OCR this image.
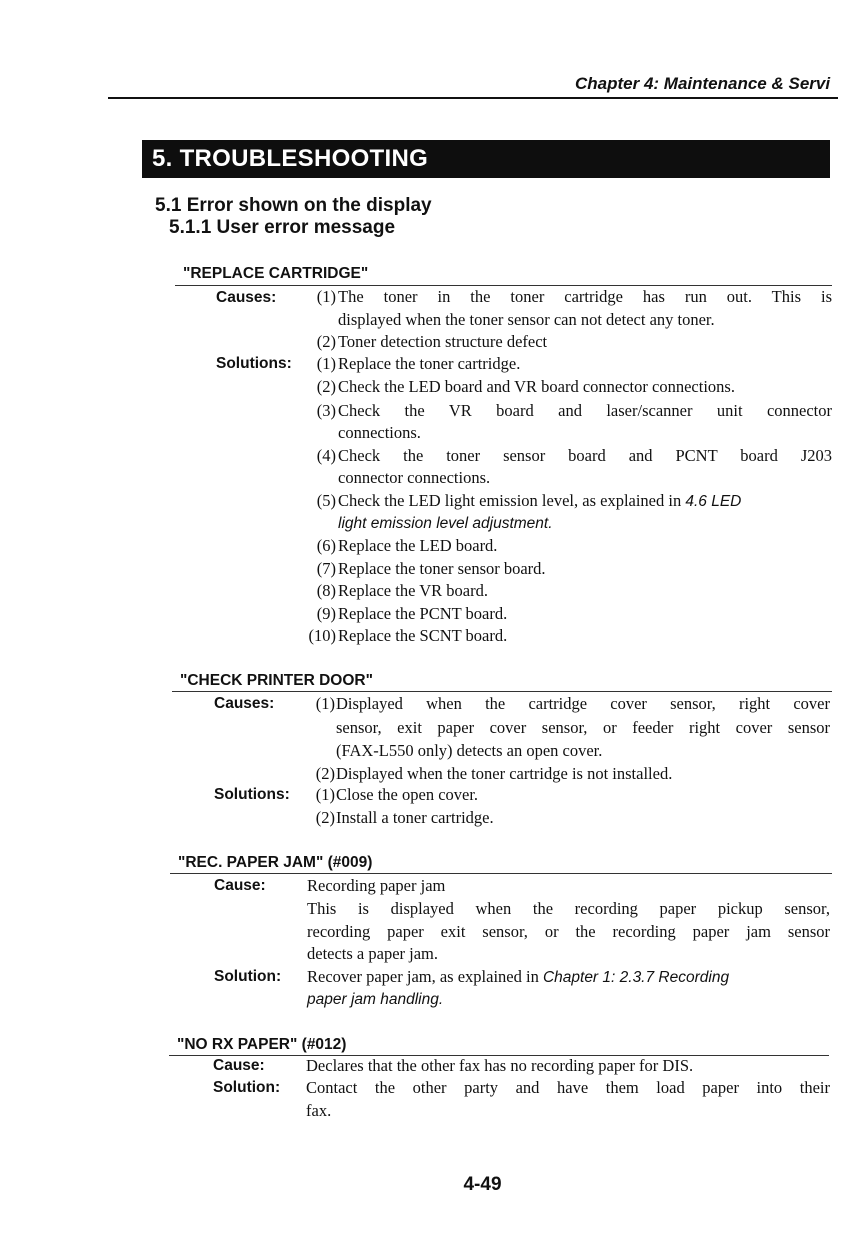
Chapter 4: Maintenance & Servi
5. TROUBLESHOOTING
5.1 Error shown on the display
5.1.1 User error message
"REPLACE CARTRIDGE"
Causes:	(1) The toner in the toner cartridge has run out. This is
displayed when the toner sensor can not detect any toner.
(2) Toner detection structure defect
Solutions:	(1) Replace the toner cartridge.
(2) Check the LED board and VR board connector connections.
(3) Check the VR board and laser/scanner unit connector
connections.
(4) Check the toner sensor board and PCNT board J203
connector connections.
(5) Check the LED light emission level, as explained in 4.6 LED
light emission level adjustment.
(6) Replace the LED board.
(7) Replace the toner sensor board.
(8) Replace the VR board.
(9) Replace the PCNT board.
(10) Replace the SCNT board.
"CHECK PRINTER DOOR"
Causes:	(1) Displayed when the cartridge cover sensor, right cover
sensor, exit paper cover sensor, or feeder right cover sensor
(FAX-L550 only) detects an open cover.
(2) Displayed when the toner cartridge is not installed.
Solutions:	(1) Close the open cover.
(2) Install a toner cartridge.
"REC. PAPER JAM" (#009)
Cause:	Recording paper jam
This is displayed when the recording paper pickup sensor,
recording paper exit sensor, or the recording paper jam sensor
detects a paper jam.
Solution: Recover paper jam, as explained in Chapter 1: 2.3.7 Recording
paper jam handling.
"NO RX PAPER" (#012)
Cause:	Declares that the other fax has no recording paper for DIS.
Solution: Contact the other party and have them load paper into their
fax.
4-49
